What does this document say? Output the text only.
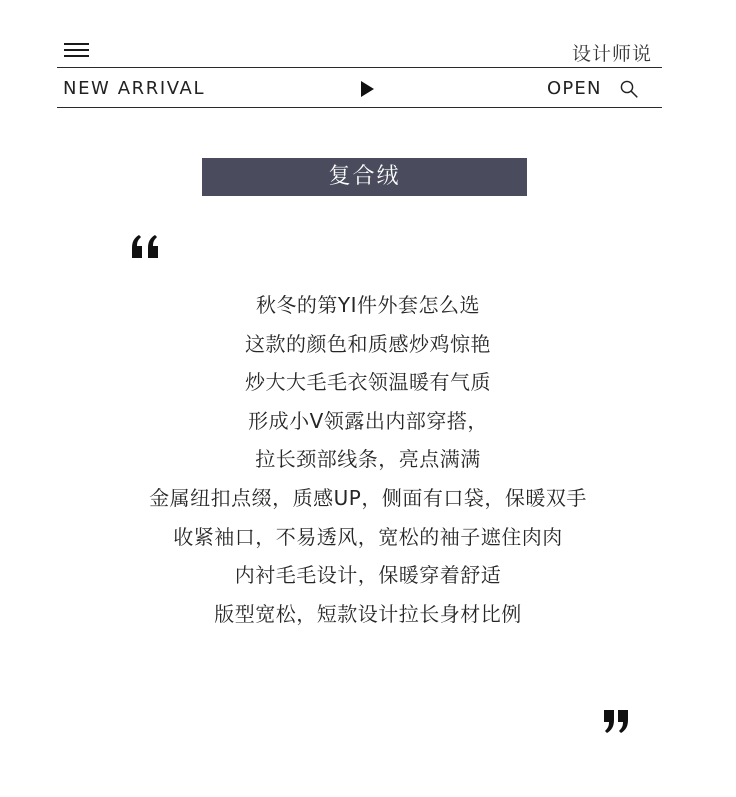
设计师说
NEW ARRIVAL	OPEN
复合绒
秋冬的第YI件外套怎么选
这款的颜色和质感炒鸡惊艳
炒大大毛毛衣领温暖有气质
形成小V领露出内部穿搭，
拉长颈部线条，亮点满满
金属纽扣点缀，质感UP，侧面有口袋，保暖双手
收紧袖口，不易透风，宽松的袖子遮住肉肉
内衬毛毛设计，保暖穿着舒适
版型宽松，短款设计拉长身材比例
